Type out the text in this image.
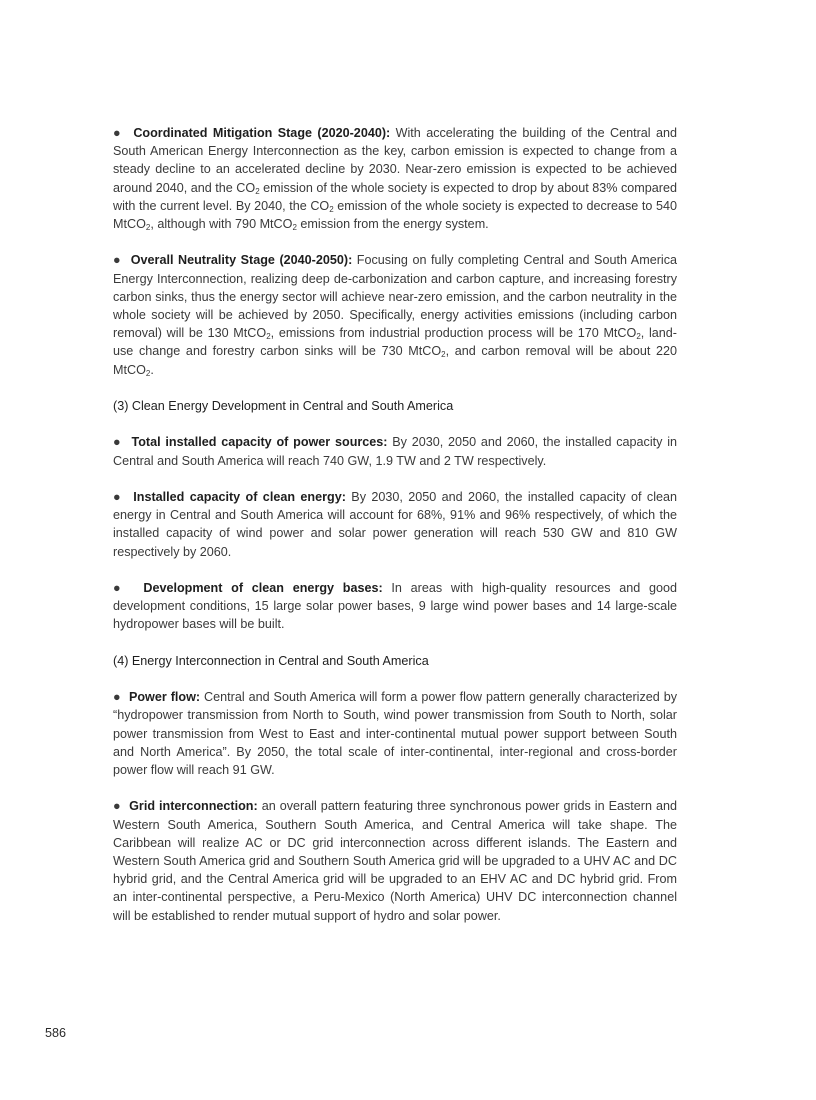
● Coordinated Mitigation Stage (2020-2040): With accelerating the building of the Central and South American Energy Interconnection as the key, carbon emission is expected to change from a steady decline to an accelerated decline by 2030. Near-zero emission is expected to be achieved around 2040, and the $CO_2$ emission of the whole society is expected to drop by about 83% compared with the current level. By 2040, the $CO_2$ emission of the whole society is expected to decrease to 540 MtCO$_2$, although with 790 MtCO$_2$ emission from the energy system.

● Overall Neutrality Stage (2040-2050): Focusing on fully completing Central and South America Energy Interconnection, realizing deep de-carbonization and carbon capture, and increasing forestry carbon sinks, thus the energy sector will achieve near-zero emission, and the carbon neutrality in the whole society will be achieved by 2050. Specifically, energy activities emissions (including carbon removal) will be 130 MtCO$_2$, emissions from industrial production process will be 170 MtCO$_2$, land-use change and forestry carbon sinks will be 730 MtCO$_2$, and carbon removal will be about 220 MtCO$_2$.

(3) Clean Energy Development in Central and South America

● Total installed capacity of power sources: By 2030, 2050 and 2060, the installed capacity in Central and South America will reach 740 GW, 1.9 TW and 2 TW respectively.

● Installed capacity of clean energy: By 2030, 2050 and 2060, the installed capacity of clean energy in Central and South America will account for 68%, 91% and 96% respectively, of which the installed capacity of wind power and solar power generation will reach 530 GW and 810 GW respectively by 2060.

● Development of clean energy bases: In areas with high-quality resources and good development conditions, 15 large solar power bases, 9 large wind power bases and 14 large-scale hydropower bases will be built.

(4) Energy Interconnection in Central and South America

● Power flow: Central and South America will form a power flow pattern generally characterized by “hydropower transmission from North to South, wind power transmission from South to North, solar power transmission from West to East and inter-continental mutual power support between South and North America”. By 2050, the total scale of inter-continental, inter-regional and cross-border power flow will reach 91 GW.

● Grid interconnection: an overall pattern featuring three synchronous power grids in Eastern and Western South America, Southern South America, and Central America will take shape. The Caribbean will realize AC or DC grid interconnection across different islands. The Eastern and Western South America grid and Southern South America grid will be upgraded to a UHV AC and DC hybrid grid, and the Central America grid will be upgraded to an EHV AC and DC hybrid grid. From an inter-continental perspective, a Peru-Mexico (North America) UHV DC interconnection channel will be established to render mutual support of hydro and solar power.

586
